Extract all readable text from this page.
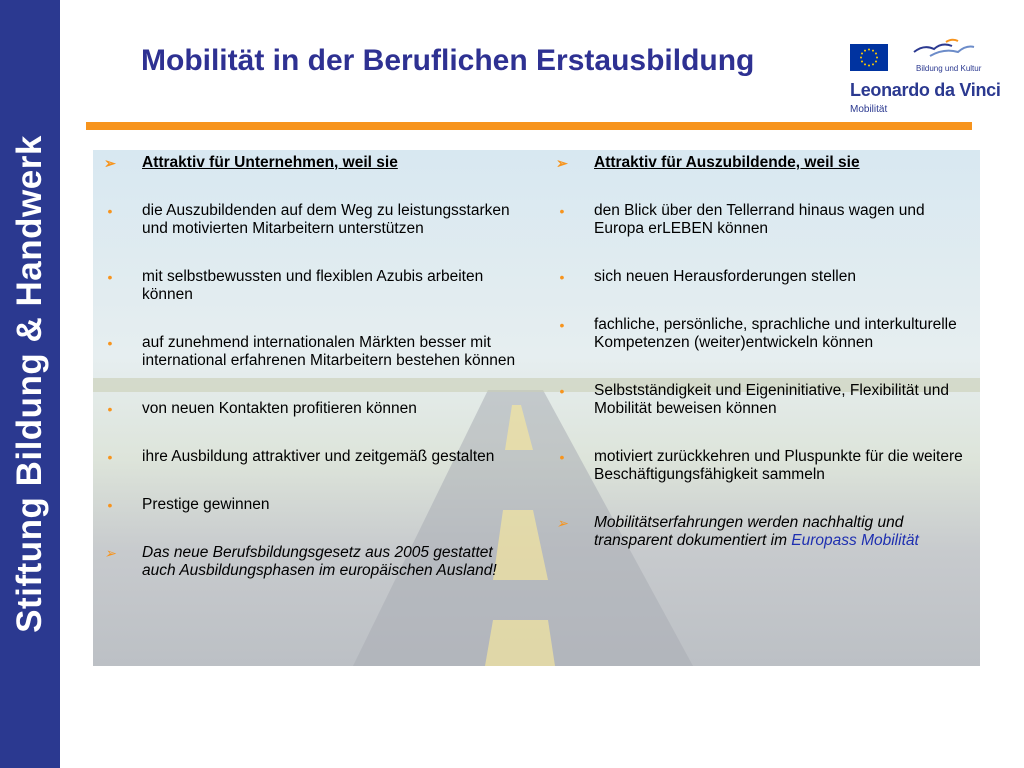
Stiftung Bildung & Handwerk
Mobilität in der Beruflichen Erstausbildung	Bildung und Kultur
Leonardo da Vinci
Mobilität
➢ Attraktiv für Unternehmen, weil sie
• die Auszubildenden auf dem Weg zu leistungsstarken und motivierten Mitarbeitern unterstützen
• mit selbstbewussten und flexiblen Azubis arbeiten können
• auf zunehmend internationalen Märkten besser mit international erfahrenen Mitarbeitern bestehen können
• von neuen Kontakten profitieren können
• ihre Ausbildung attraktiver und zeitgemäß gestalten
• Prestige gewinnen
➢ Das neue Berufsbildungsgesetz aus 2005 gestattet auch Ausbildungsphasen im europäischen Ausland!
➢ Attraktiv für Auszubildende, weil sie
• den Blick über den Tellerrand hinaus wagen und Europa erLEBEN können
• sich neuen Herausforderungen stellen
• fachliche, persönliche, sprachliche und interkulturelle Kompetenzen (weiter)entwickeln können
• Selbstständigkeit und Eigeninitiative, Flexibilität und Mobilität beweisen können
• motiviert zurückkehren und Pluspunkte für die weitere Beschäftigungsfähigkeit sammeln
➢ Mobilitätserfahrungen werden nachhaltig und transparent dokumentiert im Europass Mobilität
